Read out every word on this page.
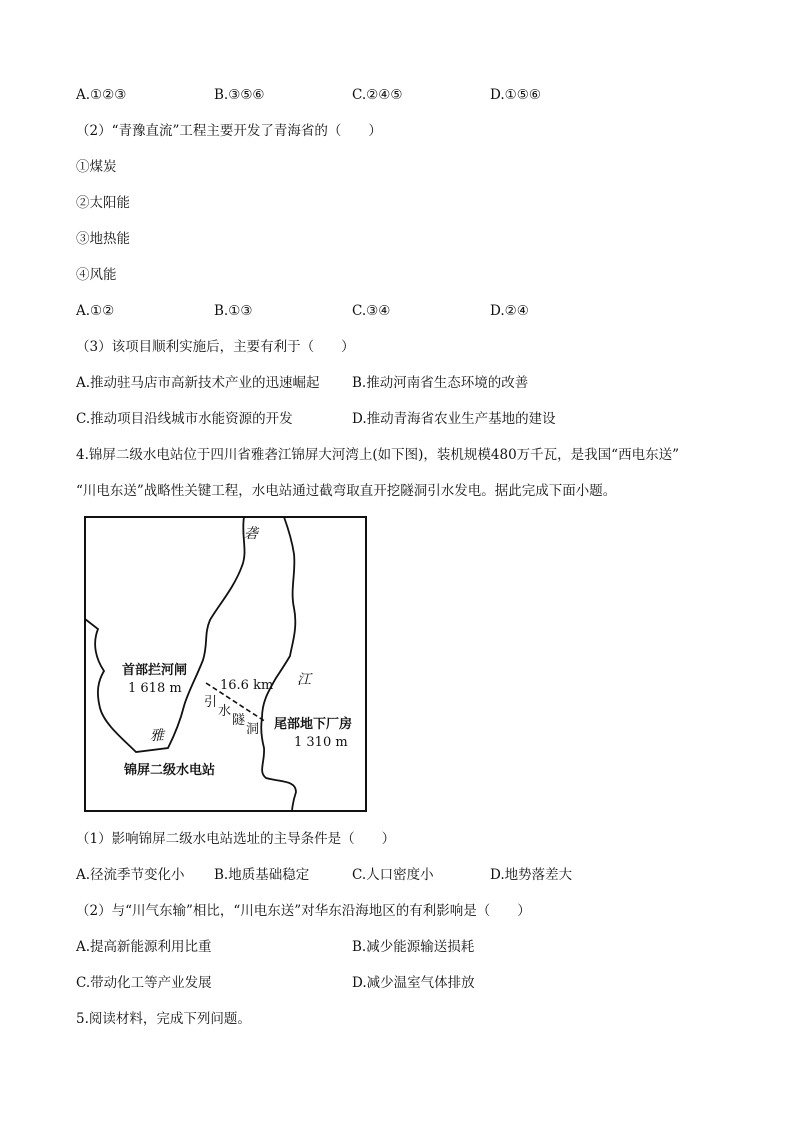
A.①②③	B.③⑤⑥	C.②④⑤	D.①⑤⑥
（2）“青豫直流”工程主要开发了青海省的（　　）
①煤炭
②太阳能
③地热能
④风能
A.①②	B.①③	C.③④	D.②④
（3）该项目顺利实施后，主要有利于（　　）
A.推动驻马店市高新技术产业的迅速崛起 B.推动河南省生态环境的改善
C.推动项目沿线城市水能资源的开发	D.推动青海省农业生产基地的建设
4.锦屏二级水电站位于四川省雅砻江锦屏大河湾上(如下图)，装机规模480万千瓦，是我国“西电东送”
“川电东送”战略性关键工程，水电站通过截弯取直开挖隧洞引水发电。据此完成下面小题。
砻
江
雅
首部拦河闸
1 618 m	16.6 km
引
水
隧
洞 尾部地下厂房
1 310 m
锦屏二级水电站
（1）影响锦屏二级水电站选址的主导条件是（　　）
A.径流季节变化小 B.地质基础稳定	C.人口密度小	D.地势落差大
（2）与“川气东输”相比，“川电东送”对华东沿海地区的有利影响是（　　）
A.提高新能源利用比重	B.减少能源输送损耗
C.带动化工等产业发展	D.减少温室气体排放
5.阅读材料，完成下列问题。
